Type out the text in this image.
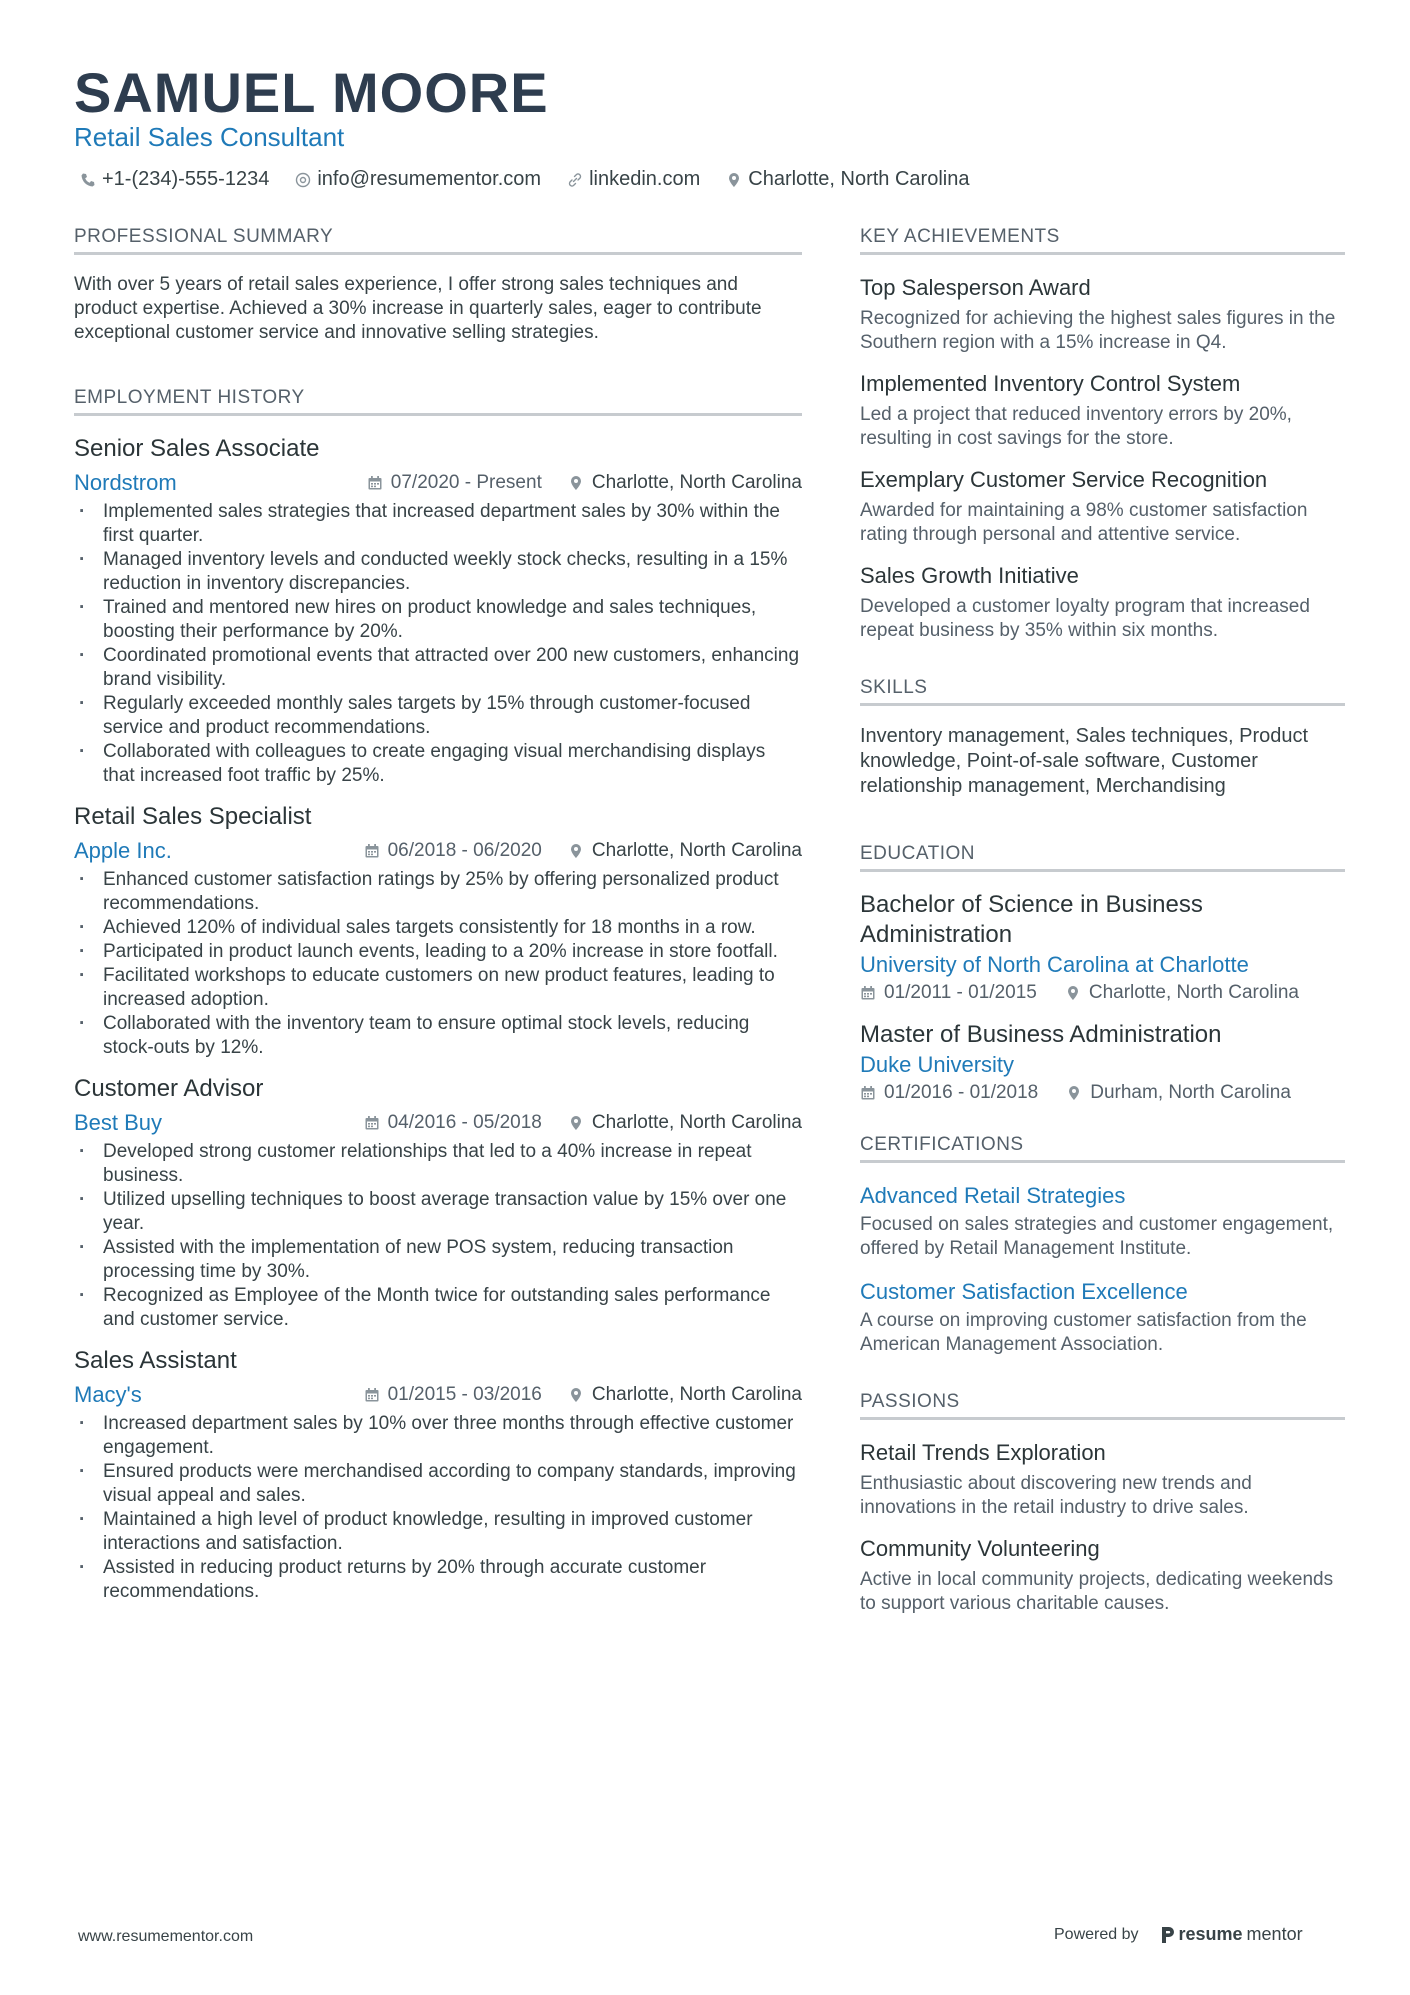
SAMUEL MOORE
Retail Sales Consultant
+1-(234)-555-1234 info@resumementor.com linkedin.com Charlotte, North Carolina
PROFESSIONAL SUMMARY
With over 5 years of retail sales experience, I offer strong sales techniques and product expertise. Achieved a 30% increase in quarterly sales, eager to contribute exceptional customer service and innovative selling strategies.
EMPLOYMENT HISTORY
Senior Sales Associate
Nordstrom	07/2020 - Present	Charlotte, North Carolina
· Implemented sales strategies that increased department sales by 30% within the first quarter.
· Managed inventory levels and conducted weekly stock checks, resulting in a 15% reduction in inventory discrepancies.
· Trained and mentored new hires on product knowledge and sales techniques, boosting their performance by 20%.
· Coordinated promotional events that attracted over 200 new customers, enhancing brand visibility.
· Regularly exceeded monthly sales targets by 15% through customer-focused service and product recommendations.
· Collaborated with colleagues to create engaging visual merchandising displays that increased foot traffic by 25%.
Retail Sales Specialist
Apple Inc.	06/2018 - 06/2020	Charlotte, North Carolina
· Enhanced customer satisfaction ratings by 25% by offering personalized product recommendations.
· Achieved 120% of individual sales targets consistently for 18 months in a row.
· Participated in product launch events, leading to a 20% increase in store footfall.
· Facilitated workshops to educate customers on new product features, leading to increased adoption.
· Collaborated with the inventory team to ensure optimal stock levels, reducing stock-outs by 12%.
Customer Advisor
Best Buy	04/2016 - 05/2018	Charlotte, North Carolina
· Developed strong customer relationships that led to a 40% increase in repeat business.
· Utilized upselling techniques to boost average transaction value by 15% over one year.
· Assisted with the implementation of new POS system, reducing transaction processing time by 30%.
· Recognized as Employee of the Month twice for outstanding sales performance and customer service.
Sales Assistant
Macy's	01/2015 - 03/2016	Charlotte, North Carolina
· Increased department sales by 10% over three months through effective customer engagement.
· Ensured products were merchandised according to company standards, improving visual appeal and sales.
· Maintained a high level of product knowledge, resulting in improved customer interactions and satisfaction.
· Assisted in reducing product returns by 20% through accurate customer recommendations.
KEY ACHIEVEMENTS
Top Salesperson Award
Recognized for achieving the highest sales figures in the Southern region with a 15% increase in Q4.
Implemented Inventory Control System
Led a project that reduced inventory errors by 20%, resulting in cost savings for the store.
Exemplary Customer Service Recognition
Awarded for maintaining a 98% customer satisfaction rating through personal and attentive service.
Sales Growth Initiative
Developed a customer loyalty program that increased repeat business by 35% within six months.
SKILLS
Inventory management, Sales techniques, Product knowledge, Point-of-sale software, Customer relationship management, Merchandising
EDUCATION
Bachelor of Science in Business Administration
University of North Carolina at Charlotte
01/2011 - 01/2015	Charlotte, North Carolina
Master of Business Administration
Duke University
01/2016 - 01/2018	Durham, North Carolina
CERTIFICATIONS
Advanced Retail Strategies
Focused on sales strategies and customer engagement, offered by Retail Management Institute.
Customer Satisfaction Excellence
A course on improving customer satisfaction from the American Management Association.
PASSIONS
Retail Trends Exploration
Enthusiastic about discovering new trends and innovations in the retail industry to drive sales.
Community Volunteering
Active in local community projects, dedicating weekends to support various charitable causes.
www.resumementor.com	Powered by resume mentor
